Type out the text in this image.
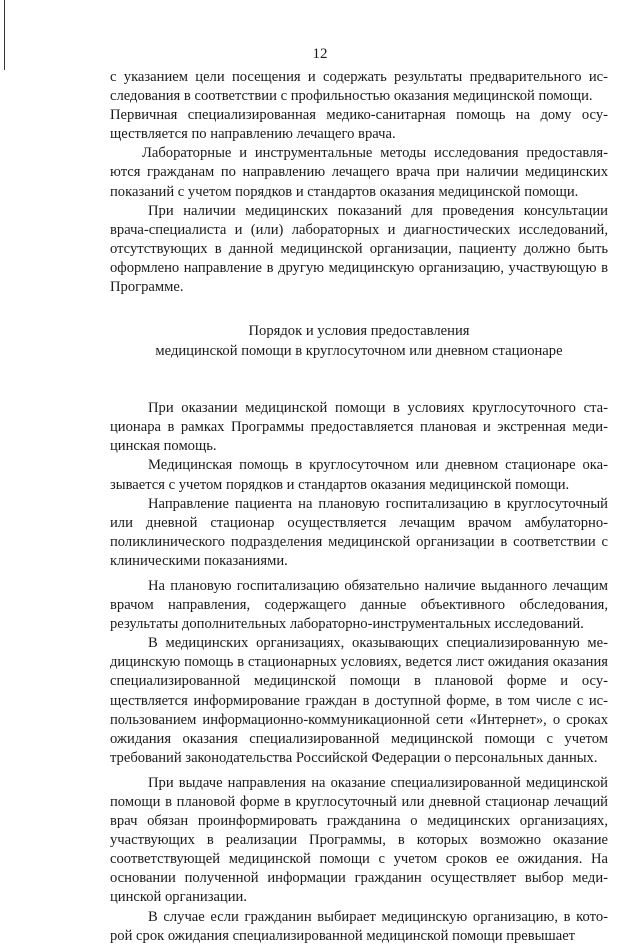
12

с указанием цели посещения и содержать результаты предварительного исследования в соответствии с профильностью оказания медицинской помощи.

Первичная специализированная медико-санитарная помощь на дому осуществляется по направлению лечащего врача.

Лабораторные и инструментальные методы исследования предоставляются гражданам по направлению лечащего врача при наличии медицинских показаний с учетом порядков и стандартов оказания медицинской помощи.

При наличии медицинских показаний для проведения консультации врача-специалиста и (или) лабораторных и диагностических исследований, отсутствующих в данной медицинской организации, пациенту должно быть оформлено направление в другую медицинскую организацию, участвующую в Программе.

Порядок и условия предоставления
медицинской помощи в круглосуточном или дневном стационаре

При оказании медицинской помощи в условиях круглосуточного стационара в рамках Программы предоставляется плановая и экстренная медицинская помощь.

Медицинская помощь в круглосуточном или дневном стационаре оказывается с учетом порядков и стандартов оказания медицинской помощи.

Направление пациента на плановую госпитализацию в круглосуточный или дневной стационар осуществляется лечащим врачом амбулаторно-поликлинического подразделения медицинской организации в соответствии с клиническими показаниями.

На плановую госпитализацию обязательно наличие выданного лечащим врачом направления, содержащего данные объективного обследования, результаты дополнительных лабораторно-инструментальных исследований.

В медицинских организациях, оказывающих специализированную медицинскую помощь в стационарных условиях, ведется лист ожидания оказания специализированной медицинской помощи в плановой форме и осуществляется информирование граждан в доступной форме, в том числе с использованием информационно-коммуникационной сети «Интернет», о сроках ожидания оказания специализированной медицинской помощи с учетом требований законодательства Российской Федерации о персональных данных.

При выдаче направления на оказание специализированной медицинской помощи в плановой форме в круглосуточный или дневной стационар лечащий врач обязан проинформировать гражданина о медицинских организациях, участвующих в реализации Программы, в которых возможно оказание соответствующей медицинской помощи с учетом сроков ее ожидания. На основании полученной информации гражданин осуществляет выбор медицинской организации.

В случае если гражданин выбирает медицинскую организацию, в которой срок ожидания специализированной медицинской помощи превышает
